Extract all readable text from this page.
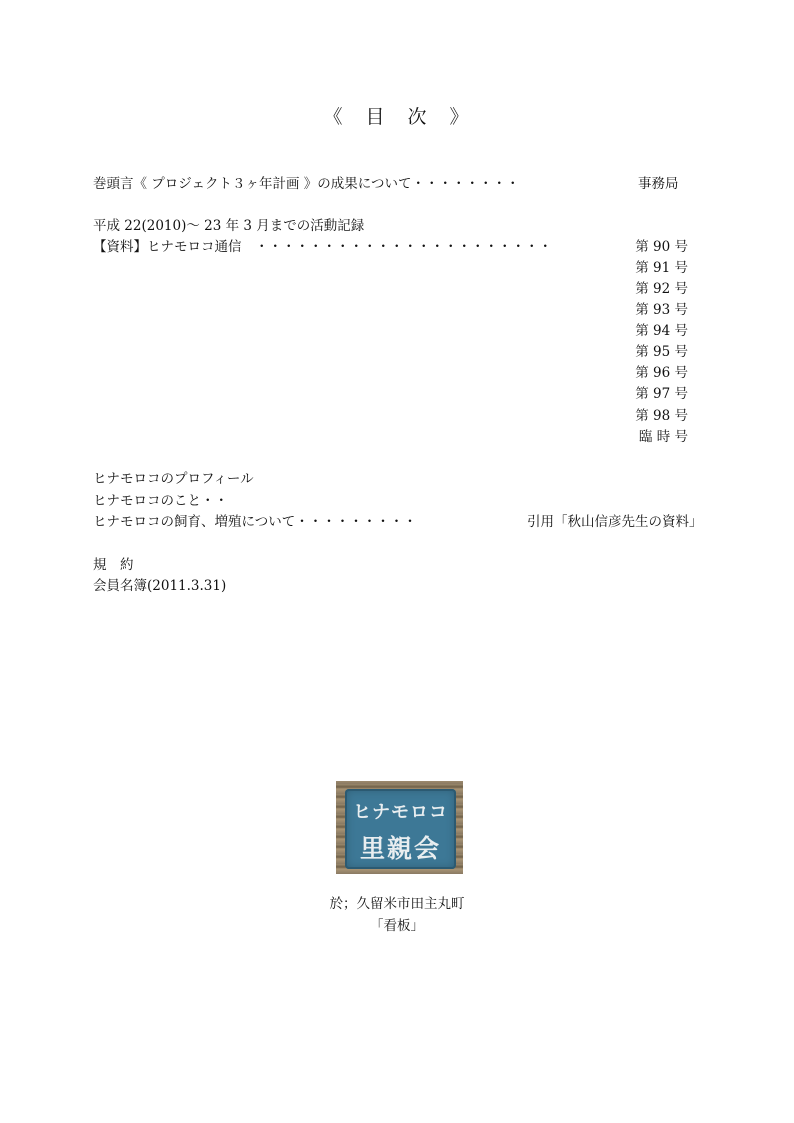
《　目　次　》
巻頭言《 プロジェクト３ヶ年計画 》の成果について・・・・・・・・	事務局
平成 22(2010)～ 23 年 3 月までの活動記録
【資料】ヒナモロコ通信　・・・・・・・・・・・・・・・・・・・・・・	第 90 号
第 91 号
第 92 号
第 93 号
第 94 号
第 95 号
第 96 号
第 97 号
第 98 号
臨 時 号
ヒナモロコのプロフィール
ヒナモロコのこと・・
ヒナモロコの飼育、増殖について・・・・・・・・・	引用「秋山信彦先生の資料」
規　約
会員名簿(2011.3.31)
ヒナモロコ
里親会
於；久留米市田主丸町
「看板」
